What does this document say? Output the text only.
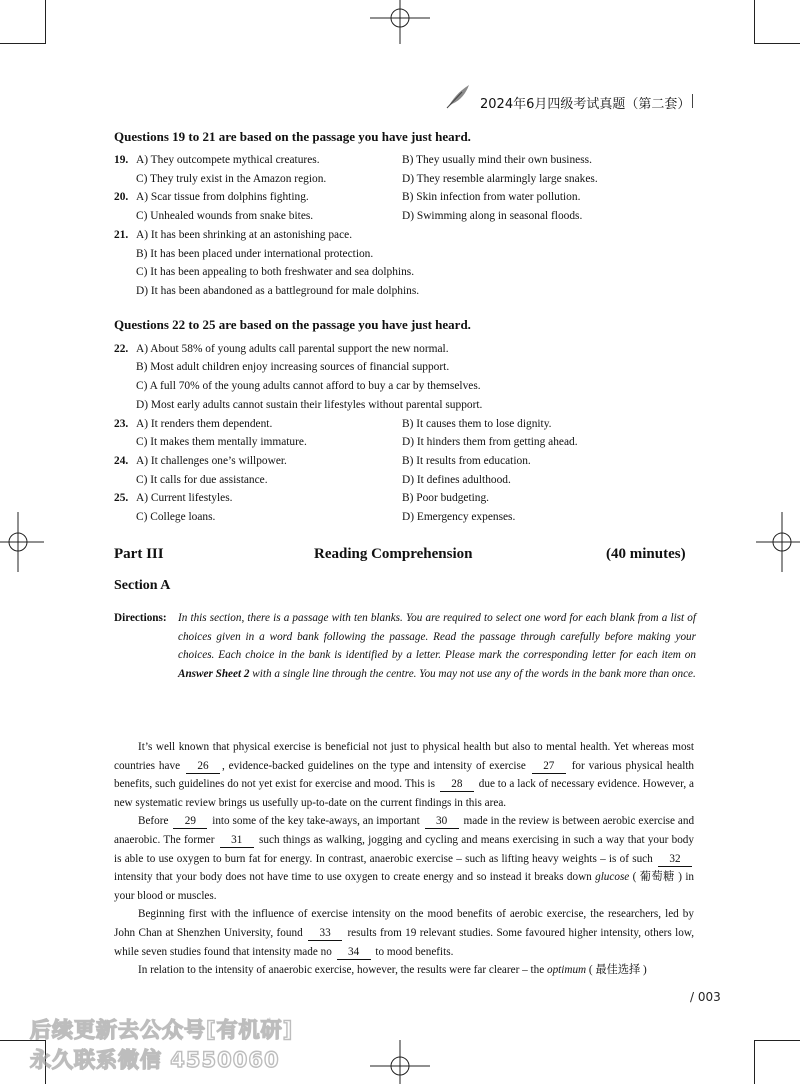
2024年6月四级考试真题（第二套）
Questions 19 to 21 are based on the passage you have just heard.
19. A) They outcompete mythical creatures.	B) They usually mind their own business.
C) They truly exist in the Amazon region.	D) They resemble alarmingly large snakes.
20. A) Scar tissue from dolphins fighting.	B) Skin infection from water pollution.
C) Unhealed wounds from snake bites.	D) Swimming along in seasonal floods.
21. A) It has been shrinking at an astonishing pace.
B) It has been placed under international protection.
C) It has been appealing to both freshwater and sea dolphins.
D) It has been abandoned as a battleground for male dolphins.
Questions 22 to 25 are based on the passage you have just heard.
22. A) About 58% of young adults call parental support the new normal.
B) Most adult children enjoy increasing sources of financial support.
C) A full 70% of the young adults cannot afford to buy a car by themselves.
D) Most early adults cannot sustain their lifestyles without parental support.
23. A) It renders them dependent.	B) It causes them to lose dignity.
C) It makes them mentally immature.	D) It hinders them from getting ahead.
24. A) It challenges one’s willpower.	B) It results from education.
C) It calls for due assistance.	D) It defines adulthood.
25. A) Current lifestyles.	B) Poor budgeting.
C) College loans.	D) Emergency expenses.
Part III	Reading Comprehension	(40 minutes)
Section A
Directions: In this section, there is a passage with ten blanks. You are required to select one word for each blank from a list of choices given in a word bank following the passage. Read the passage through carefully before making your choices. Each choice in the bank is identified by a letter. Please mark the corresponding letter for each item on Answer Sheet 2 with a single line through the centre. You may not use any of the words in the bank more than once.

It’s well known that physical exercise is beneficial not just to physical health but also to mental health. Yet whereas most countries have 26 , evidence-backed guidelines on the type and intensity of exercise 27 for various physical health benefits, such guidelines do not yet exist for exercise and mood. This is 28 due to a lack of necessary evidence. However, a new systematic review brings us usefully up-to-date on the current findings in this area.

Before 29 into some of the key take-aways, an important 30 made in the review is between aerobic exercise and anaerobic. The former 31 such things as walking, jogging and cycling and means exercising in such a way that your body is able to use oxygen to burn fat for energy. In contrast, anaerobic exercise – such as lifting heavy weights – is of such 32 intensity that your body does not have time to use oxygen to create energy and so instead it breaks down glucose ( 葡萄糖 ) in your blood or muscles.

Beginning first with the influence of exercise intensity on the mood benefits of aerobic exercise, the researchers, led by John Chan at Shenzhen University, found 33 results from 19 relevant studies. Some favoured higher intensity, others low, while seven studies found that intensity made no 34 to mood benefits.

In relation to the intensity of anaerobic exercise, however, the results were far clearer – the optimum ( 最佳选择 )

/ 003
后续更新去公众号[有机研]
永久联系微信 4550060
